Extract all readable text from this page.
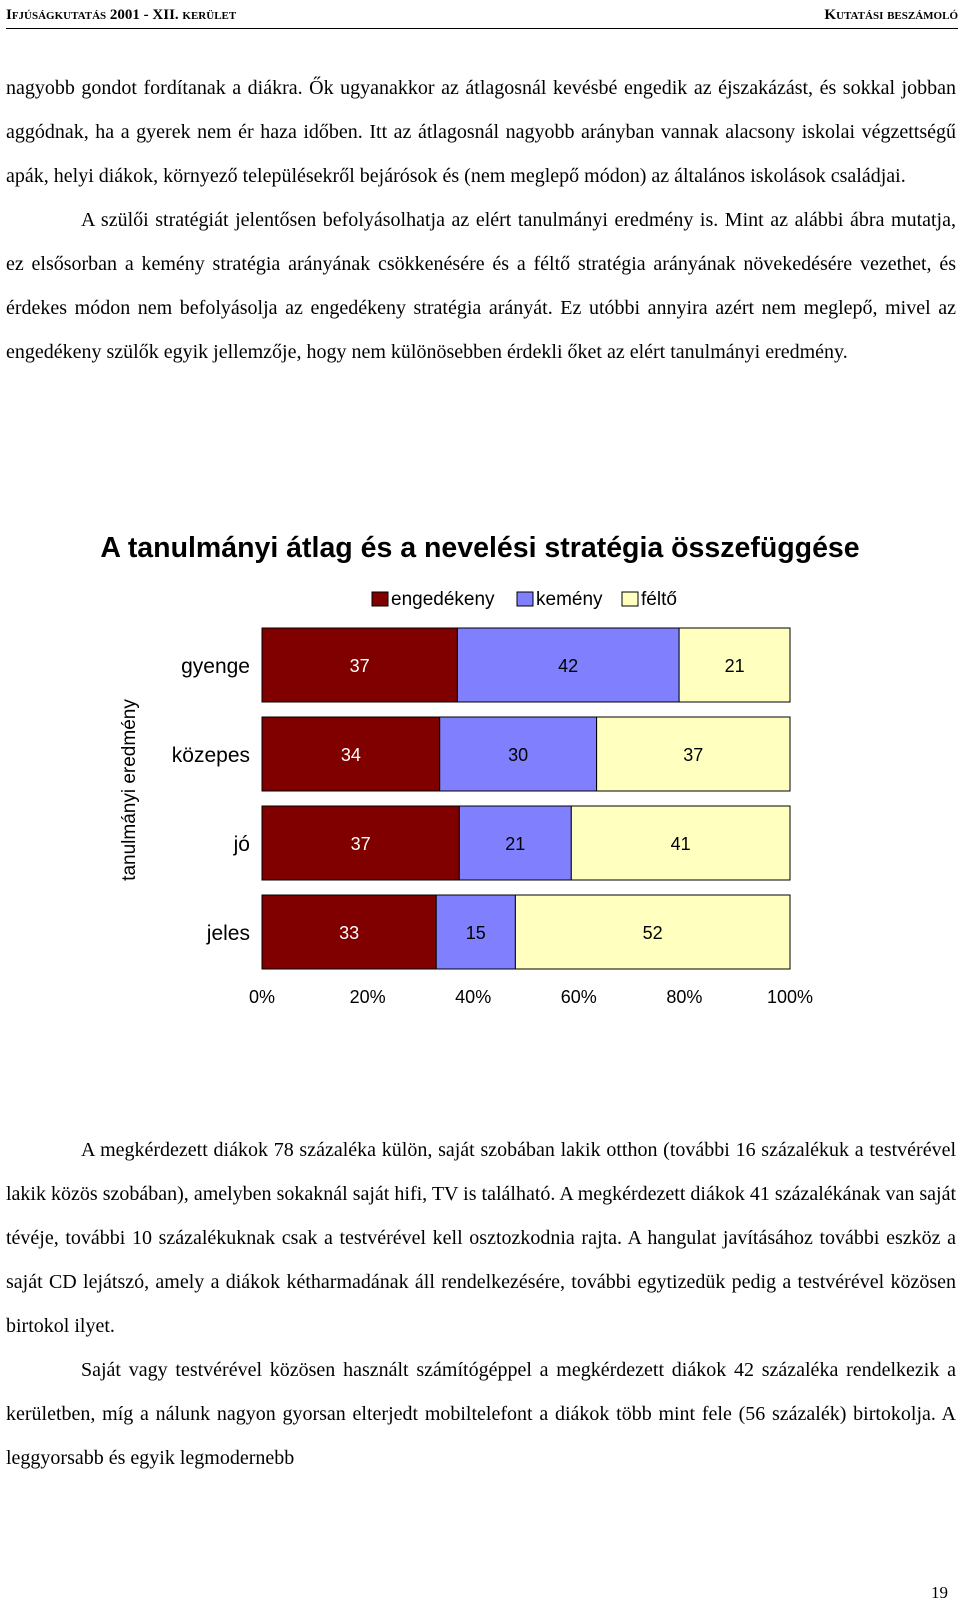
Ifjúságkutatás 2001 - XII. kerület	Kutatási beszámoló

nagyobb gondot fordítanak a diákra. Ők ugyanakkor az átlagosnál kevésbé engedik az éjszakázást, és sokkal jobban aggódnak, ha a gyerek nem ér haza időben. Itt az átlagosnál nagyobb arányban vannak alacsony iskolai végzettségű apák, helyi diákok, környező településekről bejárósok és (nem meglepő módon) az általános iskolások családjai.

A szülői stratégiát jelentősen befolyásolhatja az elért tanulmányi eredmény is. Mint az alábbi ábra mutatja, ez elsősorban a kemény stratégia arányának csökkenésére és a féltő stratégia arányának növekedésére vezethet, és érdekes módon nem befolyásolja az engedékeny stratégia arányát. Ez utóbbi annyira azért nem meglepő, mivel az engedékeny szülők egyik jellemzője, hogy nem különösebben érdekli őket az elért tanulmányi eredmény.

A tanulmányi átlag és a nevelési stratégia összefüggése
engedékeny kemény féltő
37	42	21
34	30	37
37	21	41
33	15	52
gyenge
közepes
jó
jeles
0%	20%	40%	60%	80%	100%
tanulmányi eredmény

A megkérdezett diákok 78 százaléka külön, saját szobában lakik otthon (további 16 százalékuk a testvérével lakik közös szobában), amelyben sokaknál saját hifi, TV is található. A megkérdezett diákok 41 százalékának van saját tévéje, további 10 százalékuknak csak a testvérével kell osztozkodnia rajta. A hangulat javításához további eszköz a saját CD lejátszó, amely a diákok kétharmadának áll rendelkezésére, további egytizedük pedig a testvérével közösen birtokol ilyet.

Saját vagy testvérével közösen használt számítógéppel a megkérdezett diákok 42 százaléka rendelkezik a kerületben, míg a nálunk nagyon gyorsan elterjedt mobiltelefont a diákok több mint fele (56 százalék) birtokolja. A leggyorsabb és egyik legmodernebb

19
